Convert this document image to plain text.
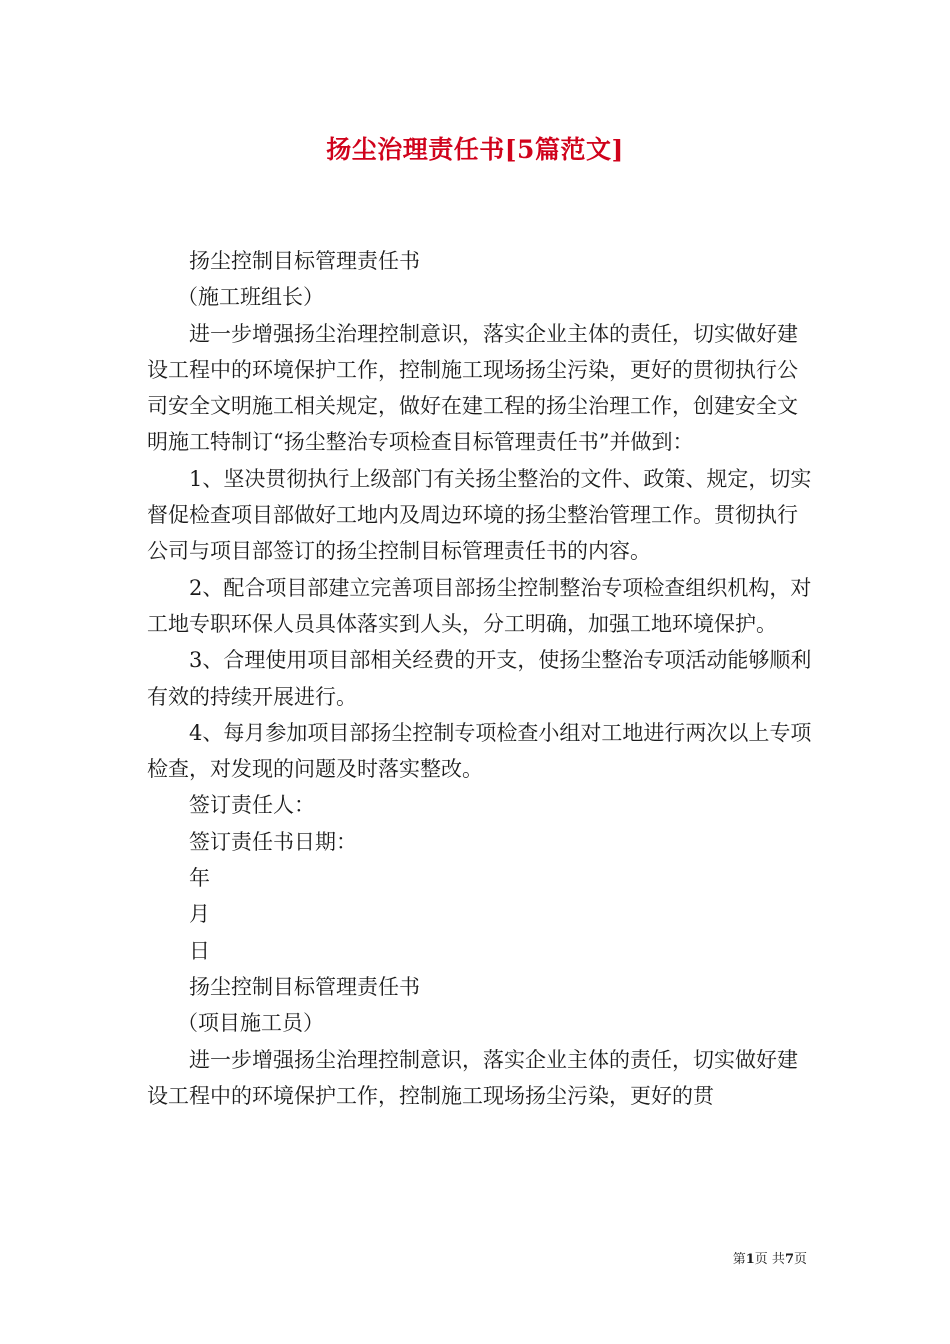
扬尘治理责任书[5篇范文]

扬尘控制目标管理责任书

（施工班组长）

进一步增强扬尘治理控制意识，落实企业主体的责任，切实做好建设工程中的环境保护工作，控制施工现场扬尘污染，更好的贯彻执行公司安全文明施工相关规定，做好在建工程的扬尘治理工作，创建安全文明施工特制订“扬尘整治专项检查目标管理责任书”并做到：

1、坚决贯彻执行上级部门有关扬尘整治的文件、政策、规定，切实督促检查项目部做好工地内及周边环境的扬尘整治管理工作。贯彻执行公司与项目部签订的扬尘控制目标管理责任书的内容。

2、配合项目部建立完善项目部扬尘控制整治专项检查组织机构，对工地专职环保人员具体落实到人头，分工明确，加强工地环境保护。

3、合理使用项目部相关经费的开支，使扬尘整治专项活动能够顺利有效的持续开展进行。

4、每月参加项目部扬尘控制专项检查小组对工地进行两次以上专项检查，对发现的问题及时落实整改。

签订责任人：

签订责任书日期：

年

月

日

扬尘控制目标管理责任书

（项目施工员）

进一步增强扬尘治理控制意识，落实企业主体的责任，切实做好建设工程中的环境保护工作，控制施工现场扬尘污染，更好的贯

第1页 共7页
